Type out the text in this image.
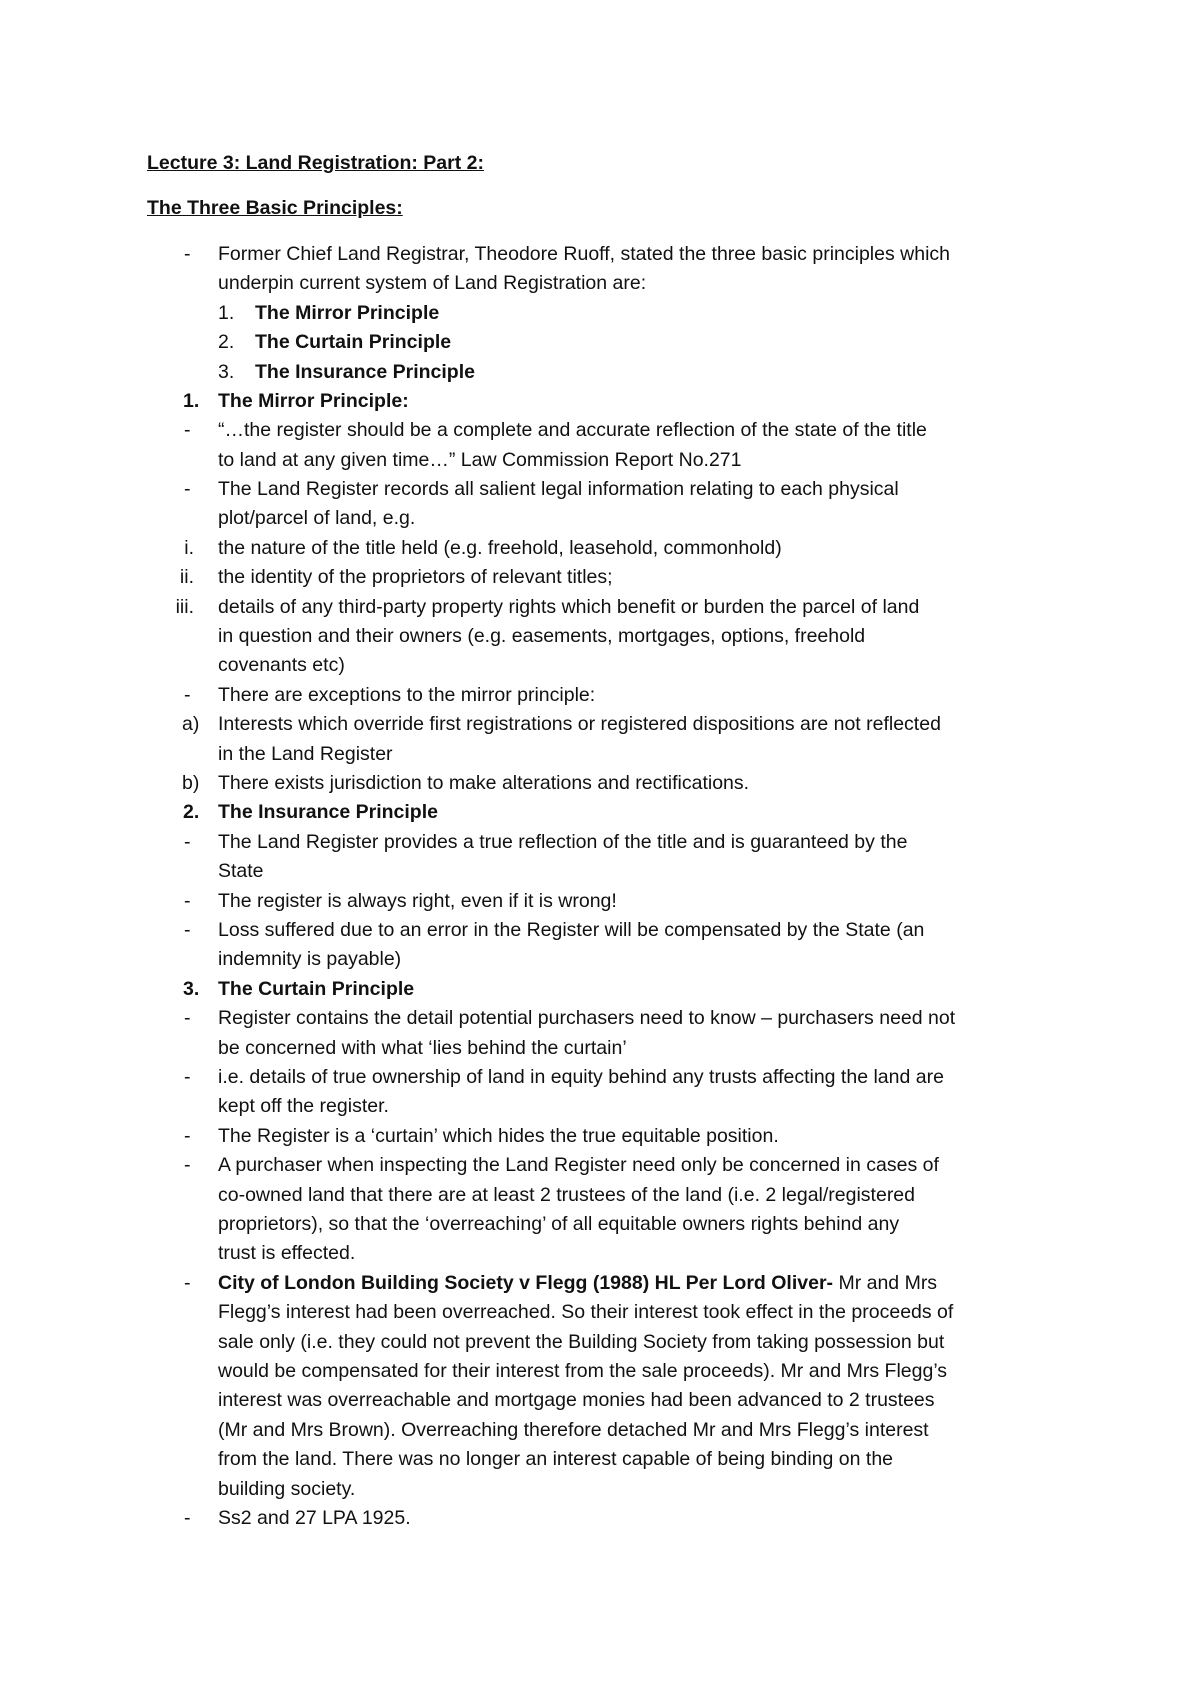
Lecture 3: Land Registration: Part 2:
The Three Basic Principles:
- Former Chief Land Registrar, Theodore Ruoff, stated the three basic principles which
underpin current system of Land Registration are:
1. The Mirror Principle
2. The Curtain Principle
3. The Insurance Principle
1. The Mirror Principle:
- “…the register should be a complete and accurate reflection of the state of the title
to land at any given time…” Law Commission Report No.271
- The Land Register records all salient legal information relating to each physical
plot/parcel of land, e.g.
i. the nature of the title held (e.g. freehold, leasehold, commonhold)
ii. the identity of the proprietors of relevant titles;
iii. details of any third-party property rights which benefit or burden the parcel of land
in question and their owners (e.g. easements, mortgages, options, freehold
covenants etc)
- There are exceptions to the mirror principle:
a) Interests which override first registrations or registered dispositions are not reflected
in the Land Register
b) There exists jurisdiction to make alterations and rectifications.
2. The Insurance Principle
- The Land Register provides a true reflection of the title and is guaranteed by the
State
- The register is always right, even if it is wrong!
- Loss suffered due to an error in the Register will be compensated by the State (an
indemnity is payable)
3. The Curtain Principle
- Register contains the detail potential purchasers need to know – purchasers need not
be concerned with what ‘lies behind the curtain’
- i.e. details of true ownership of land in equity behind any trusts affecting the land are
kept off the register.
- The Register is a ‘curtain’ which hides the true equitable position.
- A purchaser when inspecting the Land Register need only be concerned in cases of
co-owned land that there are at least 2 trustees of the land (i.e. 2 legal/registered
proprietors), so that the ‘overreaching’ of all equitable owners rights behind any
trust is effected.
- City of London Building Society v Flegg (1988) HL Per Lord Oliver- Mr and Mrs
Flegg’s interest had been overreached. So their interest took effect in the proceeds of
sale only (i.e. they could not prevent the Building Society from taking possession but
would be compensated for their interest from the sale proceeds). Mr and Mrs Flegg’s
interest was overreachable and mortgage monies had been advanced to 2 trustees
(Mr and Mrs Brown). Overreaching therefore detached Mr and Mrs Flegg’s interest
from the land. There was no longer an interest capable of being binding on the
building society.
- Ss2 and 27 LPA 1925.
